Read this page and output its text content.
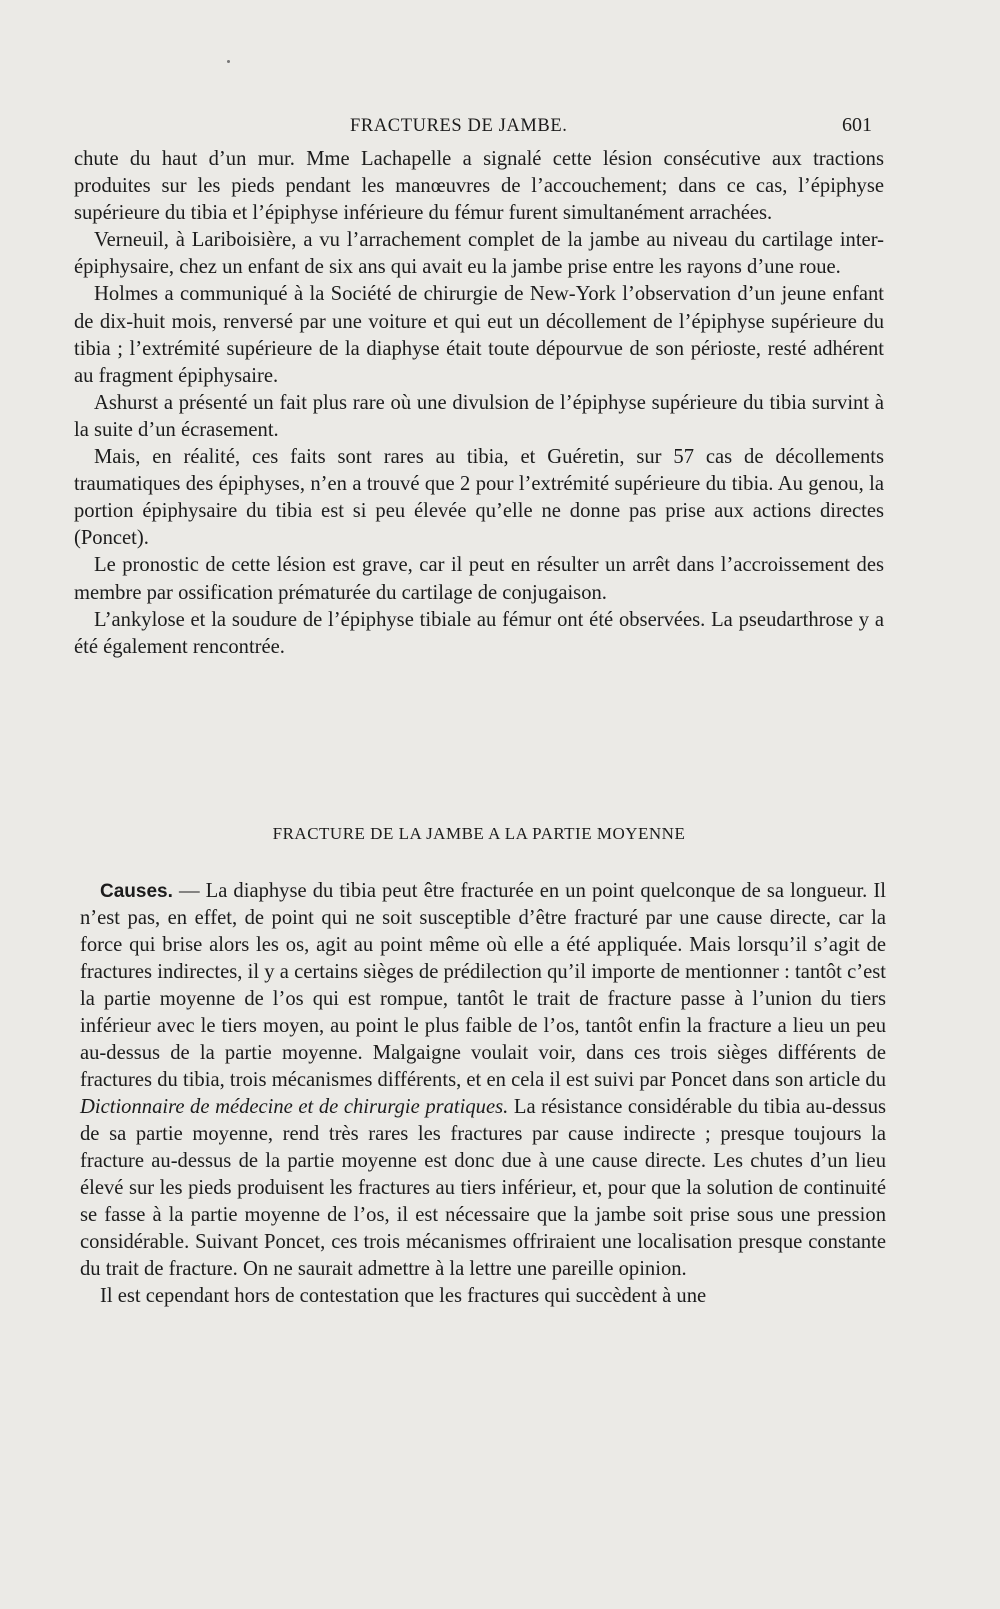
FRACTURES DE JAMBE.	601

chute du haut d’un mur. Mme Lachapelle a signalé cette lésion consécutive aux tractions produites sur les pieds pendant les manœuvres de l’accouchement; dans ce cas, l’épiphyse supérieure du tibia et l’épiphyse inférieure du fémur furent simultanément arrachées.

Verneuil, à Lariboisière, a vu l’arrachement complet de la jambe au niveau du cartilage inter-épiphysaire, chez un enfant de six ans qui avait eu la jambe prise entre les rayons d’une roue.

Holmes a communiqué à la Société de chirurgie de New-York l’observation d’un jeune enfant de dix-huit mois, renversé par une voiture et qui eut un décollement de l’épiphyse supérieure du tibia ; l’extrémité supérieure de la diaphyse était toute dépourvue de son périoste, resté adhérent au fragment épiphysaire.

Ashurst a présenté un fait plus rare où une divulsion de l’épiphyse supérieure du tibia survint à la suite d’un écrasement.

Mais, en réalité, ces faits sont rares au tibia, et Guéretin, sur 57 cas de décollements traumatiques des épiphyses, n’en a trouvé que 2 pour l’extrémité supérieure du tibia. Au genou, la portion épiphysaire du tibia est si peu élevée qu’elle ne donne pas prise aux actions directes (Poncet).

Le pronostic de cette lésion est grave, car il peut en résulter un arrêt dans l’accroissement des membre par ossification prématurée du cartilage de conjugaison.

L’ankylose et la soudure de l’épiphyse tibiale au fémur ont été observées. La pseudarthrose y a été également rencontrée.

FRACTURE DE LA JAMBE A LA PARTIE MOYENNE

Causes. — La diaphyse du tibia peut être fracturée en un point quelconque de sa longueur. Il n’est pas, en effet, de point qui ne soit susceptible d’être fracturé par une cause directe, car la force qui brise alors les os, agit au point même où elle a été appliquée. Mais lorsqu’il s’agit de fractures indirectes, il y a certains sièges de prédilection qu’il importe de mentionner : tantôt c’est la partie moyenne de l’os qui est rompue, tantôt le trait de fracture passe à l’union du tiers inférieur avec le tiers moyen, au point le plus faible de l’os, tantôt enfin la fracture a lieu un peu au-dessus de la partie moyenne. Malgaigne voulait voir, dans ces trois sièges différents de fractures du tibia, trois mécanismes différents, et en cela il est suivi par Poncet dans son article du Dictionnaire de médecine et de chirurgie pratiques. La résistance considérable du tibia au-dessus de sa partie moyenne, rend très rares les fractures par cause indirecte ; presque toujours la fracture au-dessus de la partie moyenne est donc due à une cause directe. Les chutes d’un lieu élevé sur les pieds produisent les fractures au tiers inférieur, et, pour que la solution de continuité se fasse à la partie moyenne de l’os, il est nécessaire que la jambe soit prise sous une pression considérable. Suivant Poncet, ces trois mécanismes offriraient une localisation presque constante du trait de fracture. On ne saurait admettre à la lettre une pareille opinion.

Il est cependant hors de contestation que les fractures qui succèdent à une
